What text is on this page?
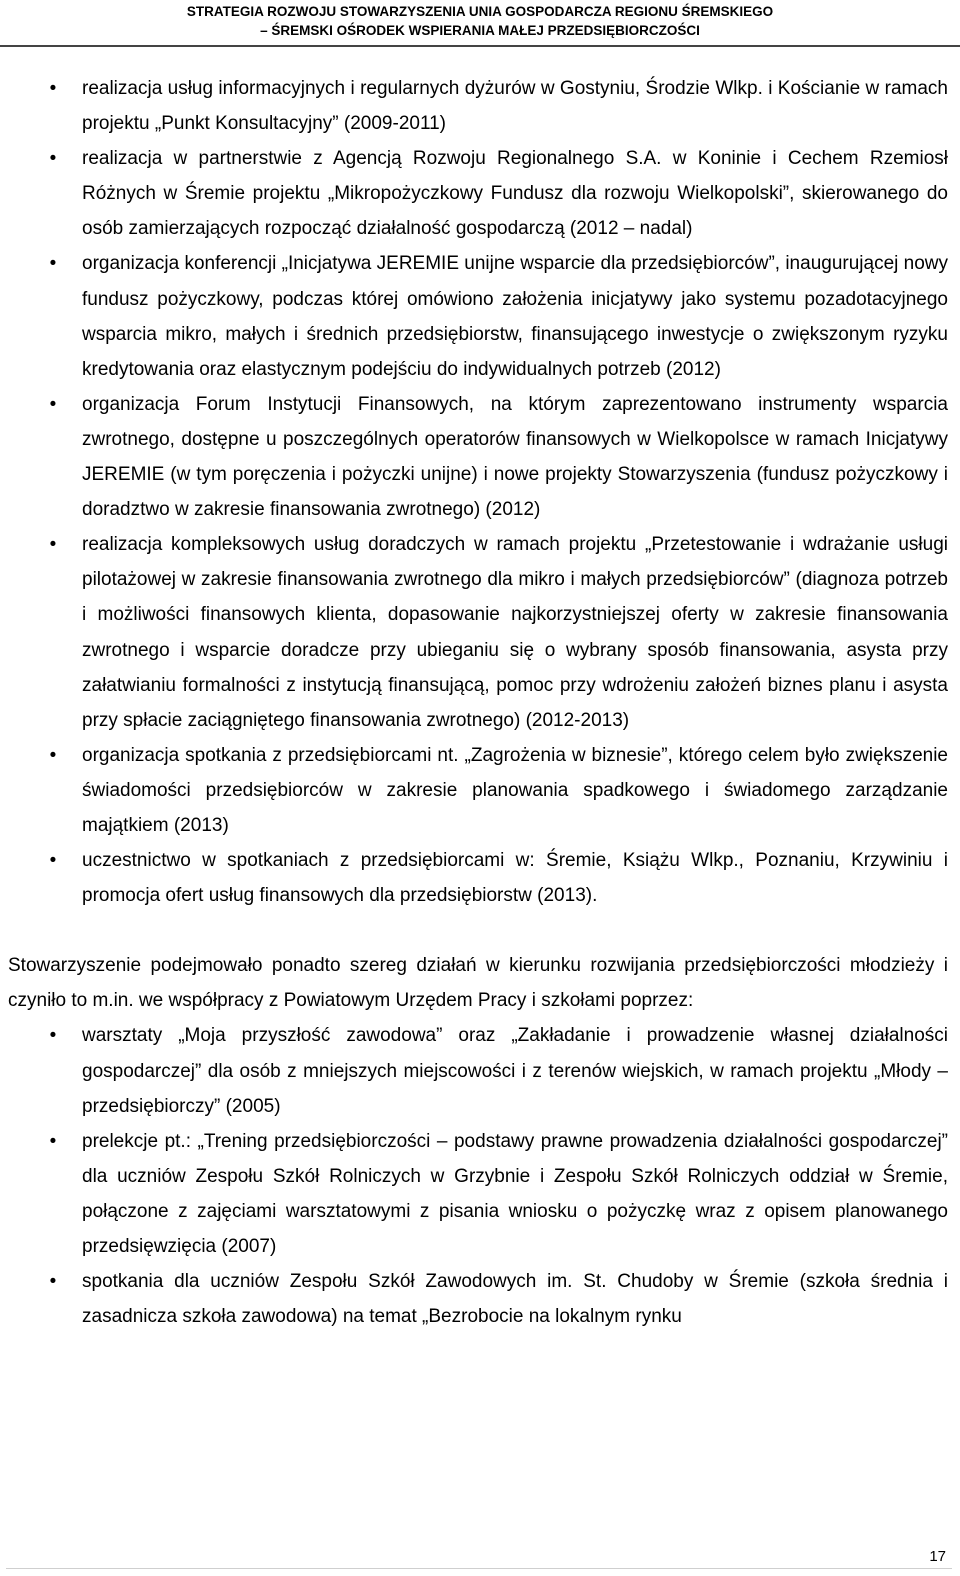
STRATEGIA ROZWOJU STOWARZYSZENIA UNIA GOSPODARCZA REGIONU ŚREMSKIEGO
– ŚREMSKI OŚRODEK WSPIERANIA MAŁEJ PRZEDSIĘBIORCZOŚCI
•	realizacja usług informacyjnych i regularnych dyżurów w Gostyniu, Środzie Wlkp. i Kościanie w ramach projektu „Punkt Konsultacyjny” (2009-2011)
•	realizacja w partnerstwie z Agencją Rozwoju Regionalnego S.A. w Koninie i Cechem Rzemiosł Różnych w Śremie projektu „Mikropożyczkowy Fundusz dla rozwoju Wielkopolski”, skierowanego do osób zamierzających rozpocząć działalność gospodarczą (2012 – nadal)
•	organizacja konferencji „Inicjatywa JEREMIE unijne wsparcie dla przedsiębiorców”, inaugurującej nowy fundusz pożyczkowy, podczas której omówiono założenia inicjatywy jako systemu pozadotacyjnego wsparcia mikro, małych i średnich przedsiębiorstw, finansującego inwestycje o zwiększonym ryzyku kredytowania oraz elastycznym podejściu do indywidualnych potrzeb (2012)
•	organizacja Forum Instytucji Finansowych, na którym zaprezentowano instrumenty wsparcia zwrotnego, dostępne u poszczególnych operatorów finansowych w Wielkopolsce w ramach Inicjatywy JEREMIE (w tym poręczenia i pożyczki unijne) i nowe projekty Stowarzyszenia (fundusz pożyczkowy i doradztwo w zakresie finansowania zwrotnego) (2012)
•	realizacja kompleksowych usług doradczych w ramach projektu „Przetestowanie i wdrażanie usługi pilotażowej w zakresie finansowania zwrotnego dla mikro i małych przedsiębiorców” (diagnoza potrzeb i możliwości finansowych klienta, dopasowanie najkorzystniejszej oferty w zakresie finansowania zwrotnego i wsparcie doradcze przy ubieganiu się o wybrany sposób finansowania, asysta przy załatwianiu formalności z instytucją finansującą, pomoc przy wdrożeniu założeń biznes planu i asysta przy spłacie zaciągniętego finansowania zwrotnego) (2012-2013)
•	organizacja spotkania z przedsiębiorcami nt. „Zagrożenia w biznesie”, którego celem było zwiększenie świadomości przedsiębiorców w zakresie planowania spadkowego i świadomego zarządzanie majątkiem (2013)
•	uczestnictwo w spotkaniach z przedsiębiorcami w: Śremie, Książu Wlkp., Poznaniu, Krzywiniu i promocja ofert usług finansowych dla przedsiębiorstw (2013).
Stowarzyszenie podejmowało ponadto szereg działań w kierunku rozwijania przedsiębiorczości młodzieży i czyniło to m.in. we współpracy z Powiatowym Urzędem Pracy i szkołami poprzez:
•	warsztaty „Moja przyszłość zawodowa” oraz „Zakładanie i prowadzenie własnej działalności gospodarczej” dla osób z mniejszych miejscowości i z terenów wiejskich, w ramach projektu „Młody – przedsiębiorczy” (2005)
•	prelekcje pt.: „Trening przedsiębiorczości – podstawy prawne prowadzenia działalności gospodarczej” dla uczniów Zespołu Szkół Rolniczych w Grzybnie i Zespołu Szkół Rolniczych oddział w Śremie, połączone z zajęciami warsztatowymi z pisania wniosku o pożyczkę wraz z opisem planowanego przedsięwzięcia (2007)
•	spotkania dla uczniów Zespołu Szkół Zawodowych im. St. Chudoby w Śremie (szkoła średnia i zasadnicza szkoła zawodowa) na temat „Bezrobocie na lokalnym rynku
17
